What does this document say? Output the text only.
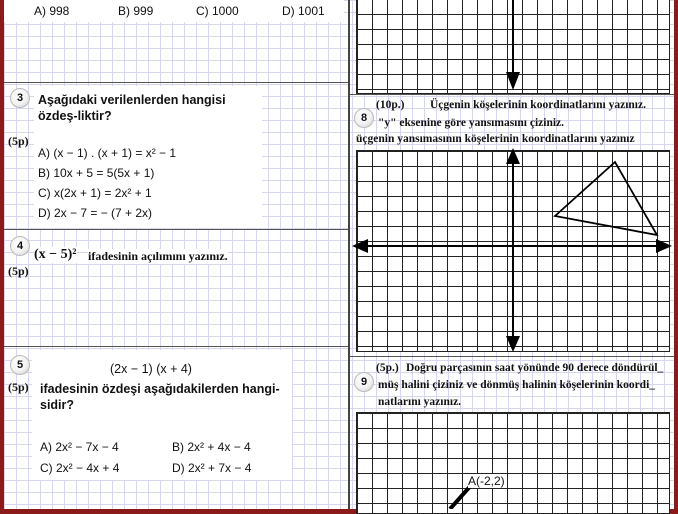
A) 998	B) 999	C) 1000	D) 1001
3
(5p)
Aşağıdaki verilenlerden hangisi özdeş-liktir?
A) (x − 1) . (x + 1) = x² − 1
B) 10x + 5 = 5(5x + 1)
C) x(2x + 1) = 2x² + 1
D) 2x − 7 = − (7 + 2x)
4
(5p)
(x − 5)² ifadesinin açılımını yazınız.
5	(2x − 1) (x + 4)
(5p) ifadesinin özdeşi aşağıdakilerden hangi-sidir?
A) 2x² − 7x − 4	B) 2x² + 4x − 4
C) 2x² − 4x + 4	D) 2x² + 7x − 4
8
(10p.) Üçgenin köşelerinin koordinatlarını yazınız.
"y" eksenine göre yansımasını çiziniz.
üçgenin yansımasının köşelerinin koordinatlarını yazınız
9
(5p.) Doğru parçasının saat yönünde 90 derece döndürül_
müş halini çiziniz ve dönmüş halinin köşelerinin koordi_
natlarını yazınız.
A(-2,2)
